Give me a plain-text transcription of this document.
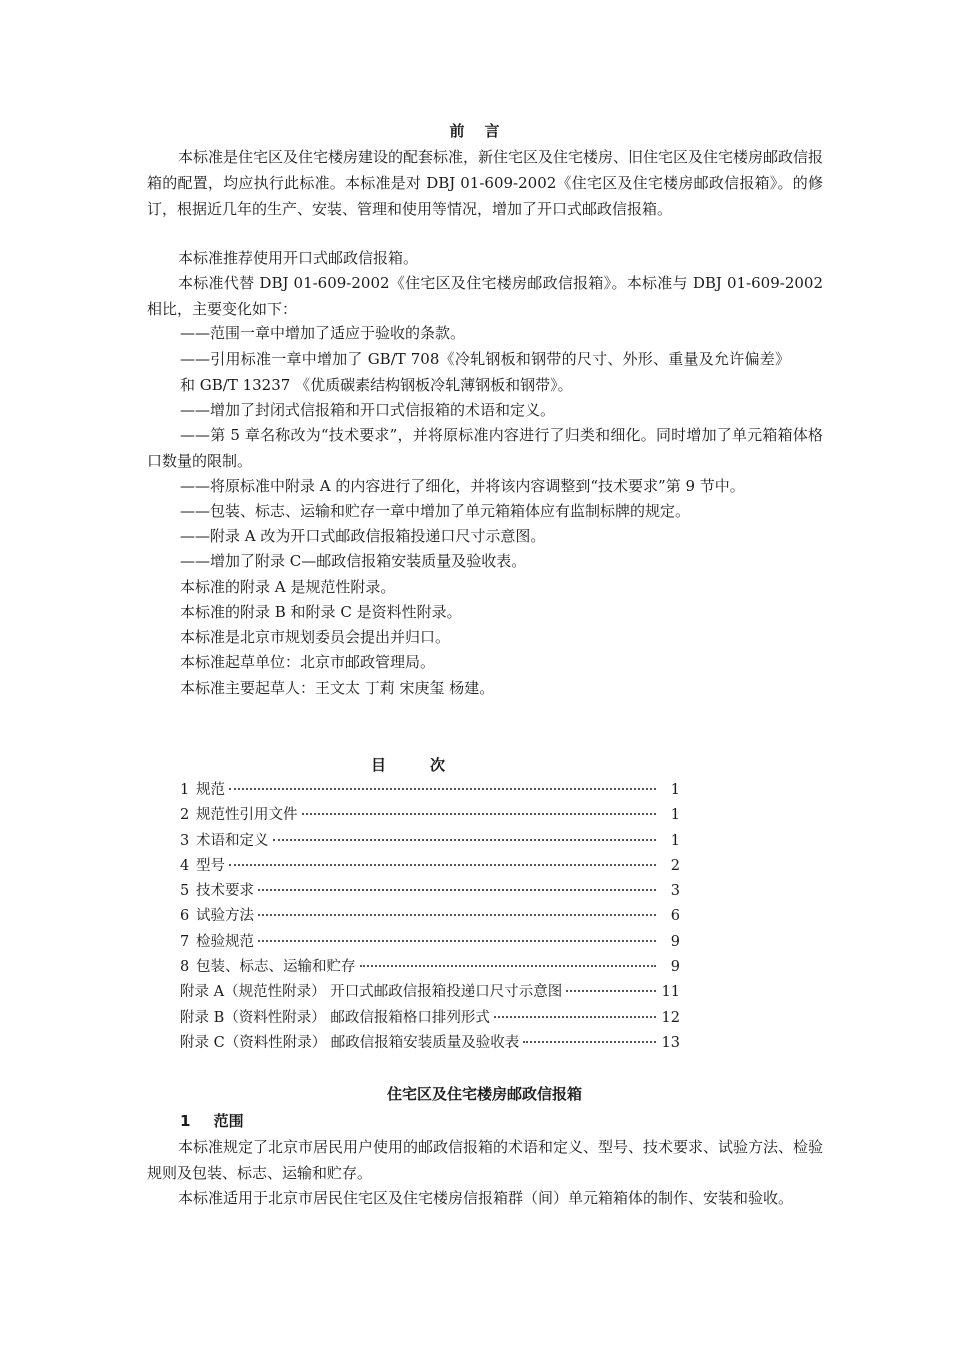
前言

本标准是住宅区及住宅楼房建设的配套标准，新住宅区及住宅楼房、旧住宅区及住宅楼房邮政信报箱的配置，均应执行此标准。本标准是对 DBJ 01-609-2002《住宅区及住宅楼房邮政信报箱》。的修订，根据近几年的生产、安装、管理和使用等情况，增加了开口式邮政信报箱。

本标准推荐使用开口式邮政信报箱。

本标准代替 DBJ 01-609-2002《住宅区及住宅楼房邮政信报箱》。本标准与 DBJ 01-609-2002 相比，主要变化如下：

——范围一章中增加了适应于验收的条款。

——引用标准一章中增加了 GB/T 708《冷轧钢板和钢带的尺寸、外形、重量及允许偏差》和 GB/T 13237 《优质碳素结构钢板冷轧薄钢板和钢带》。

——增加了封闭式信报箱和开口式信报箱的术语和定义。

——第 5 章名称改为“技术要求”，并将原标准内容进行了归类和细化。同时增加了单元箱箱体格口数量的限制。

——将原标准中附录 A 的内容进行了细化，并将该内容调整到“技术要求”第 9 节中。
——包装、标志、运输和贮存一章中增加了单元箱箱体应有监制标牌的规定。
——附录 A 改为开口式邮政信报箱投递口尺寸示意图。
——增加了附录 C—邮政信报箱安装质量及验收表。
本标准的附录 A 是规范性附录。
本标准的附录 B 和附录 C 是资料性附录。
本标准是北京市规划委员会提出并归口。
本标准起草单位：北京市邮政管理局。
本标准主要起草人：王文太 丁莉 宋庚玺 杨建。
目次
1 规范	1
2 规范性引用文件	1
3 术语和定义	1
4 型号	2
5 技术要求	3
6 试验方法	6
7 检验规范	9
8 包装、标志、运输和贮存	9
附录 A（规范性附录） 开口式邮政信报箱投递口尺寸示意图	11
附录 B（资料性附录） 邮政信报箱格口排列形式	12
附录 C（资料性附录） 邮政信报箱安装质量及验收表	13
住宅区及住宅楼房邮政信报箱
1 范围

本标准规定了北京市居民用户使用的邮政信报箱的术语和定义、型号、技术要求、试验方法、检验规则及包装、标志、运输和贮存。

本标准适用于北京市居民住宅区及住宅楼房信报箱群（间）单元箱箱体的制作、安装和验收。
